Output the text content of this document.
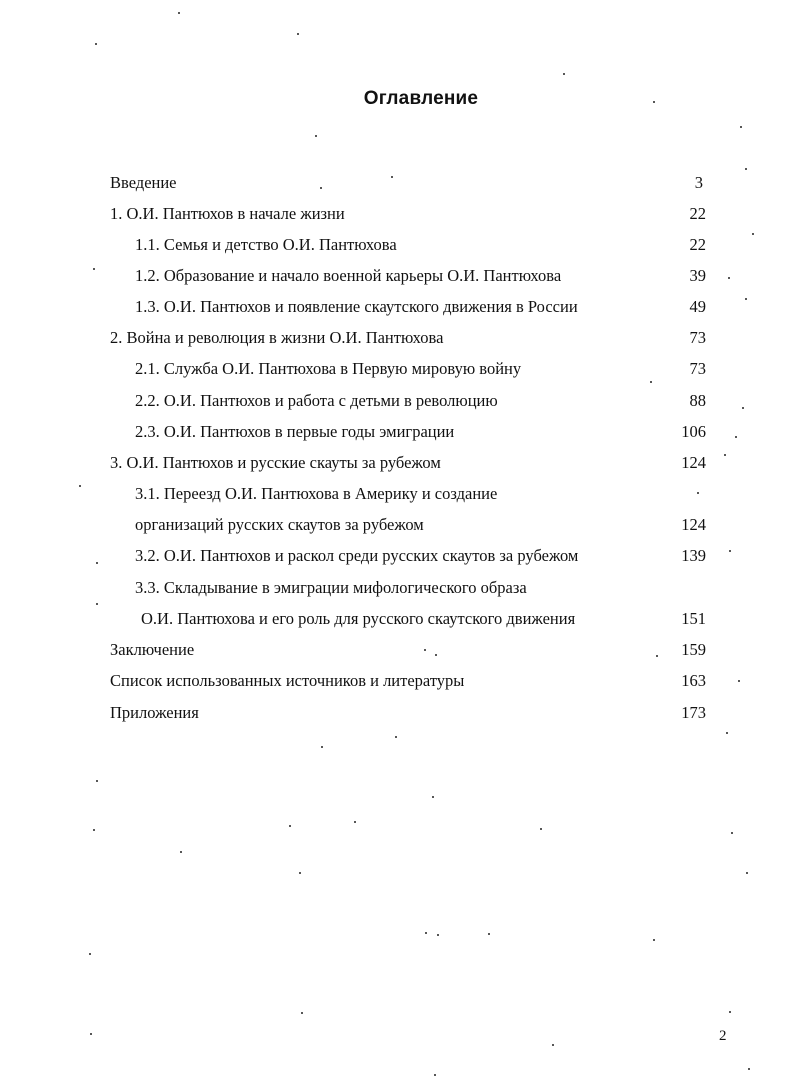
Оглавление
Введение	3
1. О.И. Пантюхов в начале жизни	22
1.1. Семья и детство О.И. Пантюхова	22
1.2. Образование и начало военной карьеры О.И. Пантюхова	39
1.3. О.И. Пантюхов и появление скаутского движения в России	49
2. Война и революция в жизни О.И. Пантюхова	73
2.1. Служба О.И. Пантюхова в Первую мировую войну	73
2.2. О.И. Пантюхов и работа с детьми в революцию	88
2.3. О.И. Пантюхов в первые годы эмиграции	106
3. О.И. Пантюхов и русские скауты за рубежом	124
3.1. Переезд О.И. Пантюхова в Америку и создание
организаций русских скаутов за рубежом	124
3.2. О.И. Пантюхов и раскол среди русских скаутов за рубежом	139
3.3. Складывание в эмиграции мифологического образа
О.И. Пантюхова и его роль для русского скаутского движения	151
Заключение	159
Список использованных источников и литературы	163
Приложения	173
2
